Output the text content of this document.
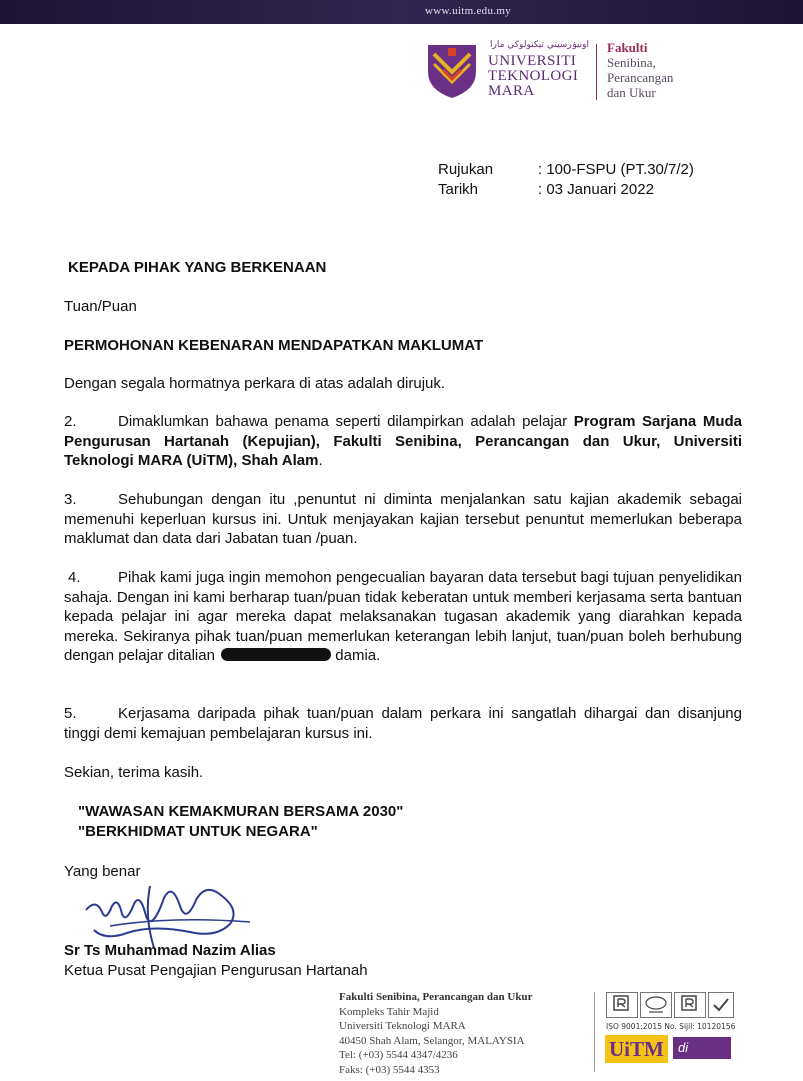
www.uitm.edu.my
اونيۏرسيتي تيكنولوڬي مارا
UNIVERSITI
TEKNOLOGI
MARA
Fakulti
Senibina,
Perancangan
dan Ukur
Rujukan	: 100-FSPU (PT.30/7/2)
Tarikh	: 03 Januari 2022
KEPADA PIHAK YANG BERKENAAN
Tuan/Puan
PERMOHONAN KEBENARAN MENDAPATKAN MAKLUMAT
Dengan segala hormatnya perkara di atas adalah dirujuk.
2.	Dimaklumkan bahawa penama seperti dilampirkan adalah pelajar Program Sarjana Muda Pengurusan Hartanah (Kepujian), Fakulti Senibina, Perancangan dan Ukur, Universiti Teknologi MARA (UiTM), Shah Alam.
3.	Sehubungan dengan itu ,penuntut ni diminta menjalankan satu kajian akademik sebagai memenuhi keperluan kursus ini. Untuk menjayakan kajian tersebut penuntut memerlukan beberapa maklumat dan data dari Jabatan tuan /puan.
4. Pihak kami juga ingin memohon pengecualian bayaran data tersebut bagi tujuan penyelidikan sahaja. Dengan ini kami berharap tuan/puan tidak keberatan untuk memberi kerjasama serta bantuan kepada pelajar ini agar mereka dapat melaksanakan tugasan akademik yang diarahkan kepada mereka. Sekiranya pihak tuan/puan memerlukan keterangan lebih lanjut, tuan/puan boleh berhubung dengan pelajar ditalian	damia.
5.	Kerjasama daripada pihak tuan/puan dalam perkara ini sangatlah dihargai dan disanjung tinggi demi kemajuan pembelajaran kursus ini.
Sekian, terima kasih.
"WAWASAN KEMAKMURAN BERSAMA 2030"
"BERKHIDMAT UNTUK NEGARA"
Yang benar
Sr Ts Muhammad Nazim Alias
Ketua Pusat Pengajian Pengurusan Hartanah
Fakulti Senibina, Perancangan dan Ukur
Kompleks Tahir Majid
Universiti Teknologi MARA
40450 Shah Alam, Selangor, MALAYSIA
Tel: (+03) 5544 4347/4236
Faks: (+03) 5544 4353
ISO 9001:2015 No. Sijil: 10120156
UiTM	di hatiku
